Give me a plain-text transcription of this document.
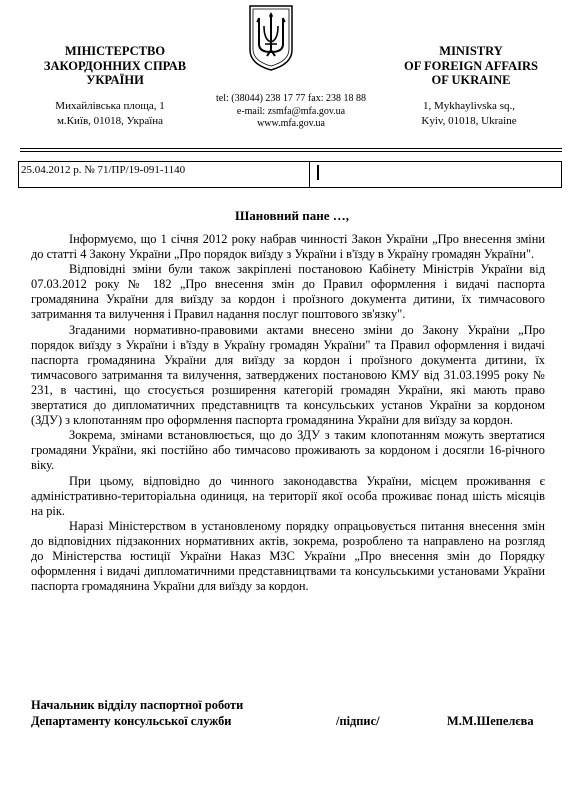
МІНІСТЕРСТВО
ЗАКОРДОННИХ СПРАВ
УКРАЇНИ
MINISTRY
OF FOREIGN AFFAIRS
OF UKRAINE
Михайлівська площа, 1
м.Київ, 01018, Україна
tel: (38044) 238 17 77 fax: 238 18 88
e-mail: zsmfa@mfa.gov.ua
www.mfa.gov.ua
1, Mykhaylivska sq.,
Kyiv, 01018, Ukraine
25.04.2012 р. № 71/ПР/19-091-1140
Шановний пане …,

Інформуємо, що 1 січня 2012 року набрав чинності Закон України „Про внесення зміни до статті 4 Закону України „Про порядок виїзду з України і в'їзду в Україну громадян України".

Відповідні зміни були також закріплені постановою Кабінету Міністрів України від 07.03.2012 року № 182 „Про внесення змін до Правил оформлення і видачі паспорта громадянина України для виїзду за кордон і проїзного документа дитини, їх тимчасового затримання та вилучення і Правил надання послуг поштового зв'язку".

Згаданими нормативно-правовими актами внесено зміни до Закону України „Про порядок виїзду з України і в'їзду в Україну громадян України" та Правил оформлення і видачі паспорта громадянина України для виїзду за кордон і проїзного документа дитини, їх тимчасового затримання та вилучення, затверджених постановою КМУ від 31.03.1995 року № 231, в частині, що стосується розширення категорій громадян України, які мають право звертатися до дипломатичних представництв та консульських установ України за кордоном (ЗДУ) з клопотанням про оформлення паспорта громадянина України для виїзду за кордон.

Зокрема, змінами встановлюється, що до ЗДУ з таким клопотанням можуть звертатися громадяни України, які постійно або тимчасово проживають за кордоном і досягли 16-річного віку.

При цьому, відповідно до чинного законодавства України, місцем проживання є адміністративно-територіальна одиниця, на території якої особа проживає понад шість місяців на рік.

Наразі Міністерством в установленому порядку опрацьовується питання внесення змін до відповідних підзаконних нормативних актів, зокрема, розроблено та направлено на розгляд до Міністерства юстиції України Наказ МЗС України „Про внесення змін до Порядку оформлення і видачі дипломатичними представництвами та консульськими установами України паспорта громадянина України для виїзду за кордон.

Начальник відділу паспортної роботи
Департаменту консульської служби	/підпис/	М.М.Шепелєва
